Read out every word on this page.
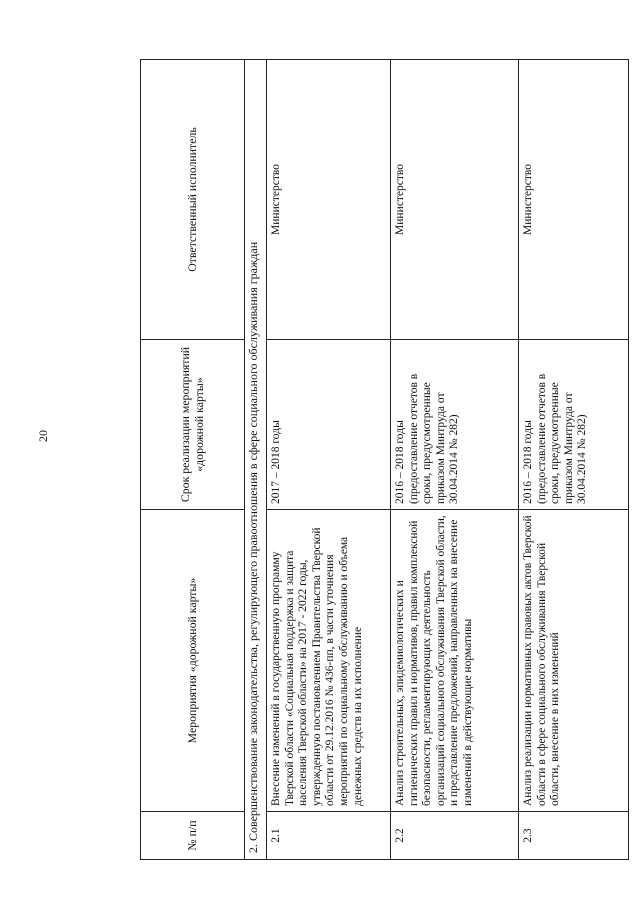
20
№ п/п	Мероприятия «дорожной карты»	Срок реализации мероприятий «дорожной карты»	Ответственный исполнитель
2. Совершенствование законодательства, регулирующего правоотношения в сфере социального обслуживания граждан			
2.1	Внесение изменений в государственную программу Тверской области «Социальная поддержка и защита населения Тверской области» на 2017 - 2022 годы, утвержденную постановлением Правительства Тверской области от 29.12.2016 № 436-пп, в части уточнения мероприятий по социальному обслуживанию и объема денежных средств на их исполнение	2017 – 2018 годы	Министерство
2.2	Анализ строительных, эпидемиологических и гигиенических правил и нормативов, правил комплексной безопасности, регламентирующих деятельность организаций социального обслуживания Тверской области, и представление предложений, направленных на внесение изменений в действующие нормативы	2016 – 2018 годы (предоставление отчетов в сроки, предусмотренные приказом Минтруда от 30.04.2014 № 282)	Министерство
2.3	Анализ реализации нормативных правовых актов Тверской области в сфере социального обслуживания Тверской области, внесение в них изменений	2016 – 2018 годы (предоставление отчетов в сроки, предусмотренные приказом Минтруда от 30.04.2014 № 282)	Министерство
